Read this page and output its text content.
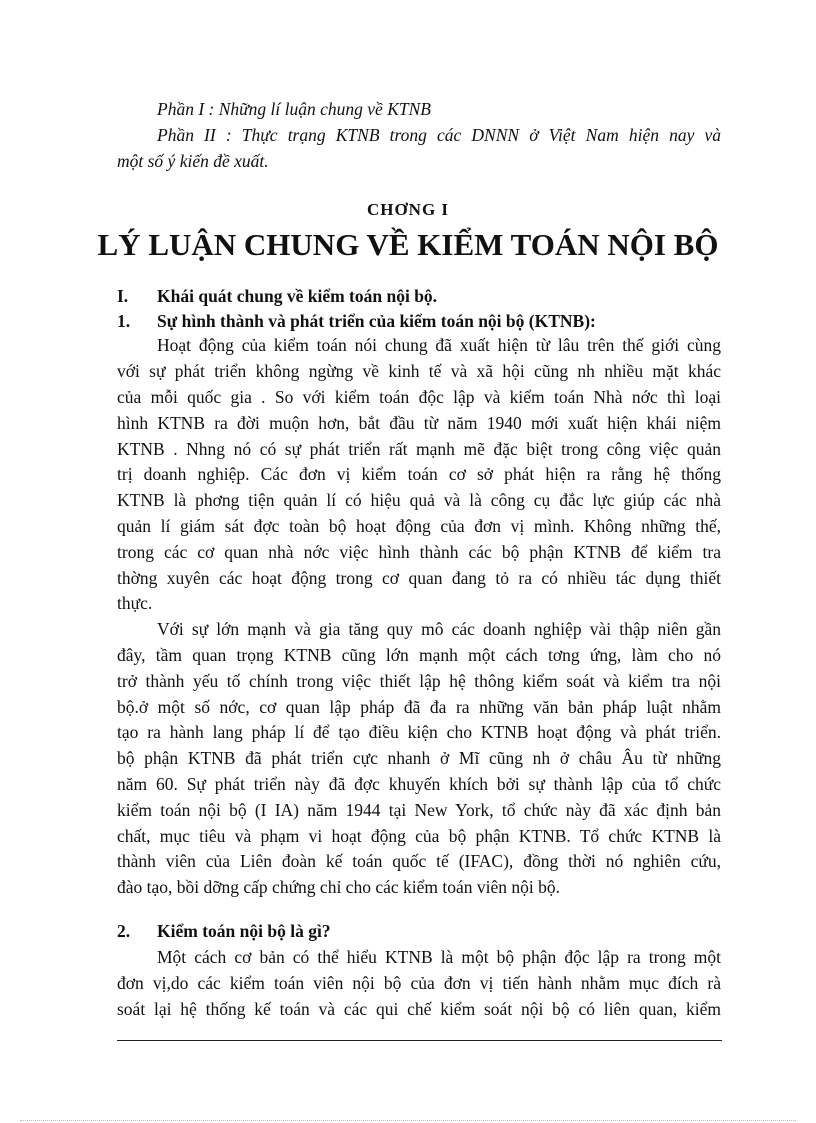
Phần I : Những lí luận chung về KTNB
Phần II : Thực trạng KTNB trong các DNNN ở Việt Nam hiện nay và
một số ý kiến đề xuất.
CHƠNG I
LÝ LUẬN CHUNG VỀ KIỂM TOÁN NỘI BỘ
I. Khái quát chung về kiểm toán nội bộ.
1. Sự hình thành và phát triển của kiểm toán nội bộ (KTNB):
Hoạt động của kiểm toán nói chung đã xuất hiện từ lâu trên thế giới cùng
với sự phát triển không ngừng về kinh tế và xã hội cũng nh nhiều mặt khác
của mỗi quốc gia . So với kiểm toán độc lập và kiểm toán Nhà nớc thì loại
hình KTNB ra đời muộn hơn, bắt đầu từ năm 1940 mới xuất hiện khái niệm
KTNB . Nhng nó có sự phát triển rất mạnh mẽ đặc biệt trong công việc quản
trị doanh nghiệp. Các đơn vị kiểm toán cơ sở phát hiện ra rằng hệ thống
KTNB là phơng tiện quản lí có hiệu quả và là công cụ đắc lực giúp các nhà
quản lí giám sát đợc toàn bộ hoạt động của đơn vị mình. Không những thế,
trong các cơ quan nhà nớc việc hình thành các bộ phận KTNB để kiểm tra
thờng xuyên các hoạt động trong cơ quan đang tỏ ra có nhiều tác dụng thiết
thực.
Với sự lớn mạnh và gia tăng quy mô các doanh nghiệp vài thập niên gần
đây, tầm quan trọng KTNB cũng lớn mạnh một cách tơng ứng, làm cho nó
trở thành yếu tố chính trong việc thiết lập hệ thông kiểm soát và kiểm tra nội
bộ.ở một số nớc, cơ quan lập pháp đã đa ra những văn bản pháp luật nhằm
tạo ra hành lang pháp lí để tạo điều kiện cho KTNB hoạt động và phát triển.
bộ phận KTNB đã phát triển cực nhanh ở Mĩ cũng nh ở châu Âu từ những
năm 60. Sự phát triển này đã đợc khuyến khích bởi sự thành lập của tổ chức
kiểm toán nội bộ (I IA) năm 1944 tại New York, tổ chức này đã xác định bản
chất, mục tiêu và phạm vi hoạt động của bộ phận KTNB. Tổ chức KTNB là
thành viên của Liên đoàn kế toán quốc tế (IFAC), đồng thời nó nghiên cứu,
đào tạo, bồi dỡng cấp chứng chỉ cho các kiểm toán viên nội bộ.
2. Kiểm toán nội bộ là gì?
Một cách cơ bản có thể hiểu KTNB là một bộ phận độc lập ra trong một
đơn vị,do các kiểm toán viên nội bộ của đơn vị tiến hành nhằm mục đích rà
soát lại hệ thống kế toán và các qui chế kiểm soát nội bộ có liên quan, kiểm
